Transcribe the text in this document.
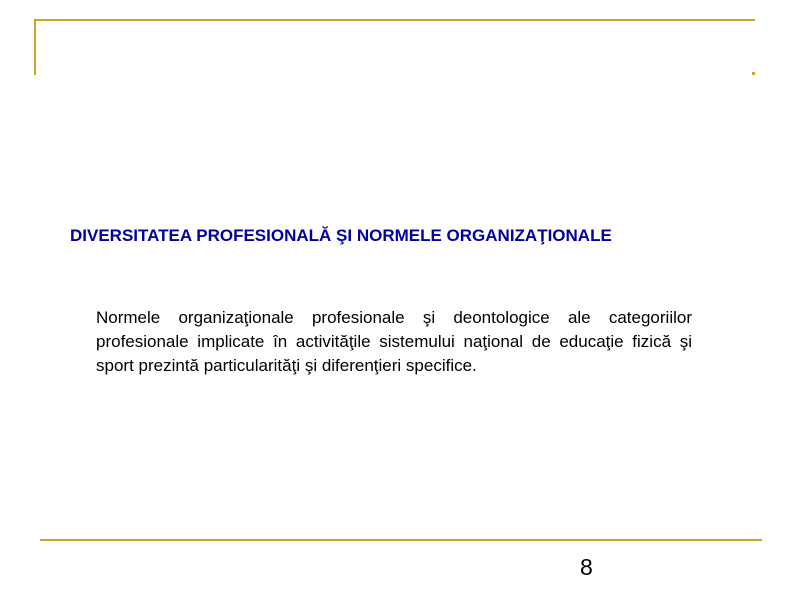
DIVERSITATEA PROFESIONALĂ ŞI NORMELE ORGANIZAŢIONALE

Normele organizaţionale profesionale şi deontologice ale categoriilor profesionale implicate în activităţile sistemului naţional de educaţie fizică şi sport prezintă particularităţi şi diferenţieri specifice.

8
